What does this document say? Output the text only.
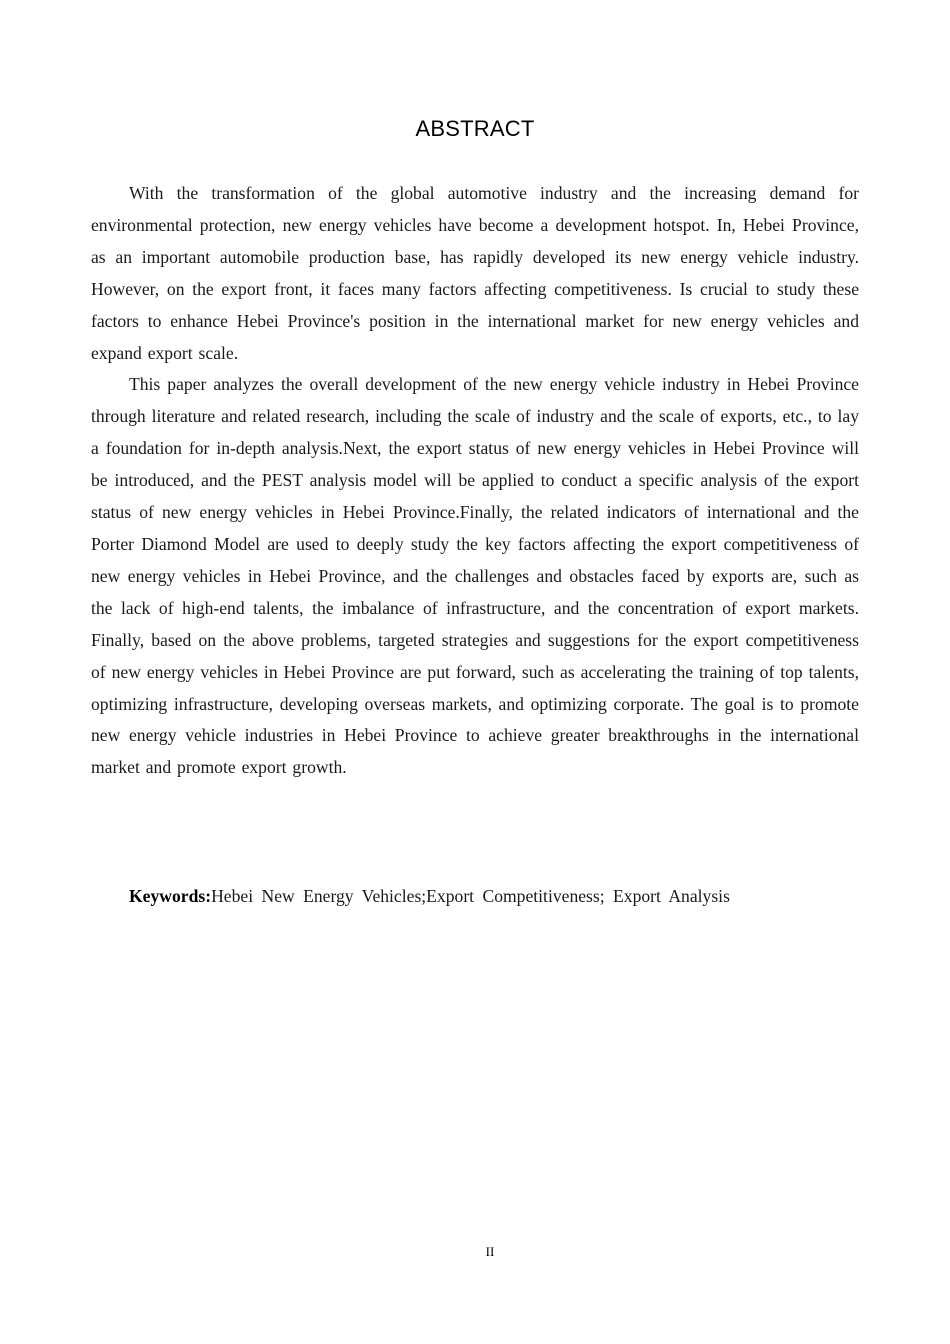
ABSTRACT

With the transformation of the global automotive industry and the increasing demand for environmental protection, new energy vehicles have become a development hotspot. In, Hebei Province, as an important automobile production base, has rapidly developed its new energy vehicle industry. However, on the export front, it faces many factors affecting competitiveness. Is crucial to study these factors to enhance Hebei Province's position in the international market for new energy vehicles and expand export scale.

This paper analyzes the overall development of the new energy vehicle industry in Hebei Province through literature and related research, including the scale of industry and the scale of exports, etc., to lay a foundation for in-depth analysis.Next, the export status of new energy vehicles in Hebei Province will be introduced, and the PEST analysis model will be applied to conduct a specific analysis of the export status of new energy vehicles in Hebei Province.Finally, the related indicators of international and the Porter Diamond Model are used to deeply study the key factors affecting the export competitiveness of new energy vehicles in Hebei Province, and the challenges and obstacles faced by exports are, such as the lack of high-end talents, the imbalance of infrastructure, and the concentration of export markets. Finally, based on the above problems, targeted strategies and suggestions for the export competitiveness of new energy vehicles in Hebei Province are put forward, such as accelerating the training of top talents, optimizing infrastructure, developing overseas markets, and optimizing corporate. The goal is to promote new energy vehicle industries in Hebei Province to achieve greater breakthroughs in the international market and promote export growth.

Keywords:Hebei New Energy Vehicles;Export Competitiveness; Export Analysis
II
